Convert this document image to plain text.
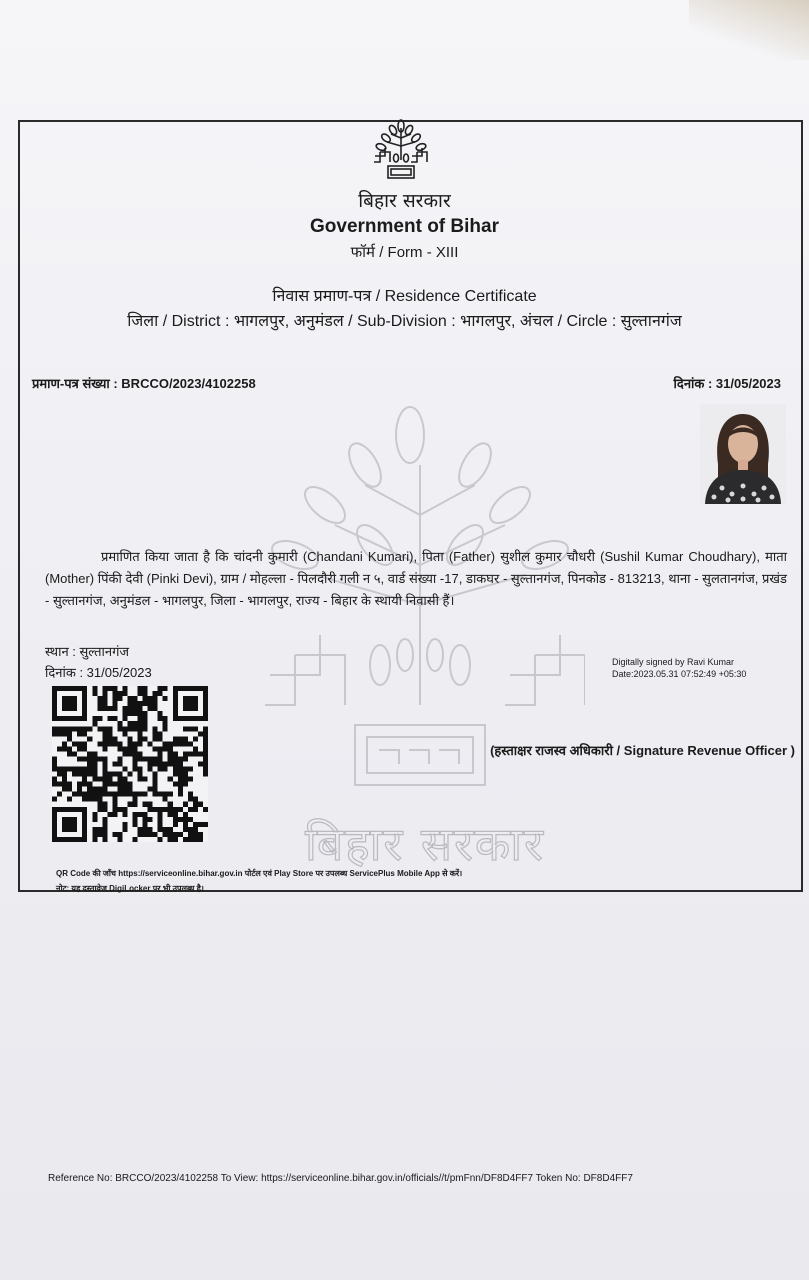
बिहार सरकार
बिहार सरकार
Government of Bihar
फॉर्म / Form - XIII
निवास प्रमाण-पत्र / Residence Certificate
जिला / District : भागलपुर, अनुमंडल / Sub-Division : भागलपुर, अंचल / Circle : सुल्तानगंज
प्रमाण-पत्र संख्या : BRCCO/2023/4102258	दिनांक : 31/05/2023
प्रमाणित किया जाता है कि चांदनी कुमारी (Chandani Kumari), पिता (Father) सुशील कुमार चौधरी (Sushil Kumar Choudhary), माता (Mother) पिंकी देवी (Pinki Devi), ग्राम / मोहल्ला - पिलदौरी गली न ५, वार्ड संख्या -17, डाकघर - सुल्तानगंज, पिनकोड - 813213, थाना - सुलतानगंज, प्रखंड - सुल्तानगंज, अनुमंडल - भागलपुर, जिला - भागलपुर, राज्य - बिहार के स्थायी निवासी हैं।
स्थान : सुल्तानगंज
दिनांक : 31/05/2023
Digitally signed by Ravi Kumar
Date:2023.05.31 07:52:49 +05:30
(हस्ताक्षर राजस्व अधिकारी / Signature Revenue Officer )
QR Code की जाँच https://serviceonline.bihar.gov.in पोर्टल एवं Play Store पर उपलब्ध ServicePlus Mobile App से करें।
नोट: यह दस्तावेज DigiLocker पर भी उपलब्ध है।
Reference No: BRCCO/2023/4102258 To View: https://serviceonline.bihar.gov.in/officials//t/pmFnn/DF8D4FF7 Token No: DF8D4FF7
